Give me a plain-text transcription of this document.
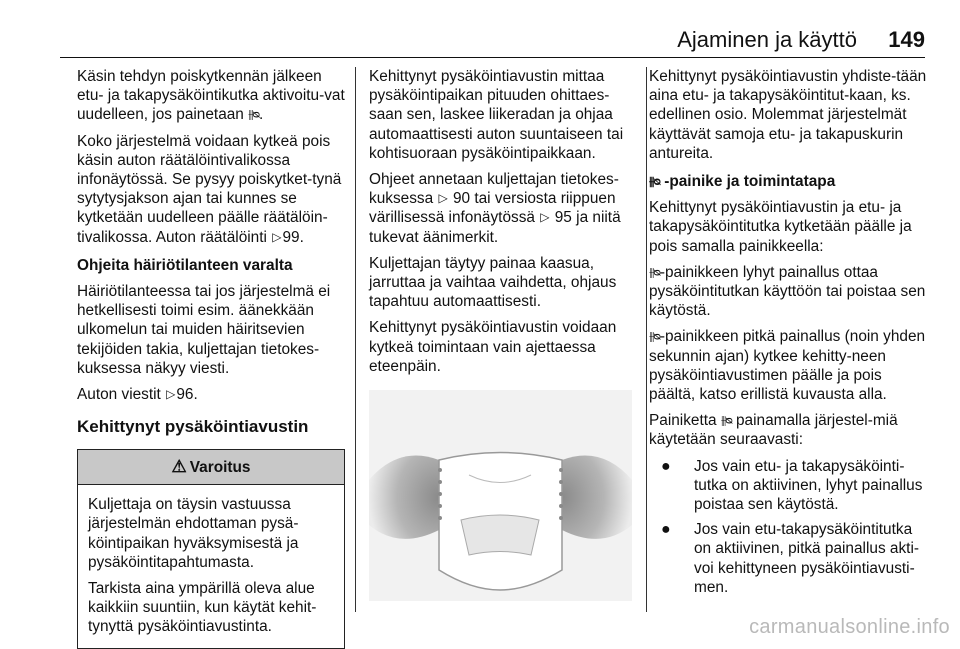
Ajaminen ja käyttö 149

Käsin tehdyn poiskytkennän jälkeen etu- ja takapysäköintikutka aktivoitu-vat uudelleen, jos painetaan ⫵ᴓ.

Koko järjestelmä voidaan kytkeä pois käsin auton räätälöintivalikossa infonäytössä. Se pysyy poiskytket-tynä sytytysjakson ajan tai kunnes se kytketään uudelleen päälle räätälöin-tivalikossa. Auton räätälöinti ▷99.

Ohjeita häiriötilanteen varalta

Häiriötilanteessa tai jos järjestelmä ei hetkellisesti toimi esim. äänekkään ulkomelun tai muiden häiritsevien tekijöiden takia, kuljettajan tietokes-kuksessa näkyy viesti.

Auton viestit ▷96.

Kehittynyt pysäköintiavustin

⚠ Varoitus

Kuljettaja on täysin vastuussa järjestelmän ehdottaman pysä-köintipaikan hyväksymisestä ja pysäköintitapahtumasta.

Tarkista aina ympärillä oleva alue kaikkiin suuntiin, kun käytät kehit-tynyttä pysäköintiavustinta.

Kehittynyt pysäköintiavustin mittaa pysäköintipaikan pituuden ohittaes-saan sen, laskee liikeradan ja ohjaa automaattisesti auton suuntaiseen tai kohtisuoraan pysäköintipaikkaan.

Ohjeet annetaan kuljettajan tietokes-kuksessa ▷ 90 tai versiosta riippuen värillisessä infonäytössä ▷ 95 ja niitä tukevat äänimerkit.

Kuljettajan täytyy painaa kaasua, jarruttaa ja vaihtaa vaihdetta, ohjaus tapahtuu automaattisesti.

Kehittynyt pysäköintiavustin voidaan kytkeä toimintaan vain ajettaessa eteenpäin.

Kehittynyt pysäköintiavustin yhdiste-tään aina etu- ja takapysäköintitut-kaan, ks. edellinen osio. Molemmat järjestelmät käyttävät samoja etu- ja takapuskurin antureita.

⫵ᴓ -painike ja toimintatapa

Kehittynyt pysäköintiavustin ja etu- ja takapysäköintitutka kytketään päälle ja pois samalla painikkeella:

⫵ᴓ-painikkeen lyhyt painallus ottaa pysäköintitutkan käyttöön tai poistaa sen käytöstä.

⫵ᴓ-painikkeen pitkä painallus (noin yhden sekunnin ajan) kytkee kehitty-neen pysäköintiavustimen päälle ja pois päältä, katso erillistä kuvausta alla.

Painiketta ⫵ᴓ painamalla järjestel-miä käytetään seuraavasti:

● Jos vain etu- ja takapysäköinti-tutka on aktiivinen, lyhyt painallus poistaa sen käytöstä.
● Jos vain etu-takapysäköintitutka on aktiivinen, pitkä painallus akti-voi kehittyneen pysäköintiavusti-men.
carmanualsonline.info
